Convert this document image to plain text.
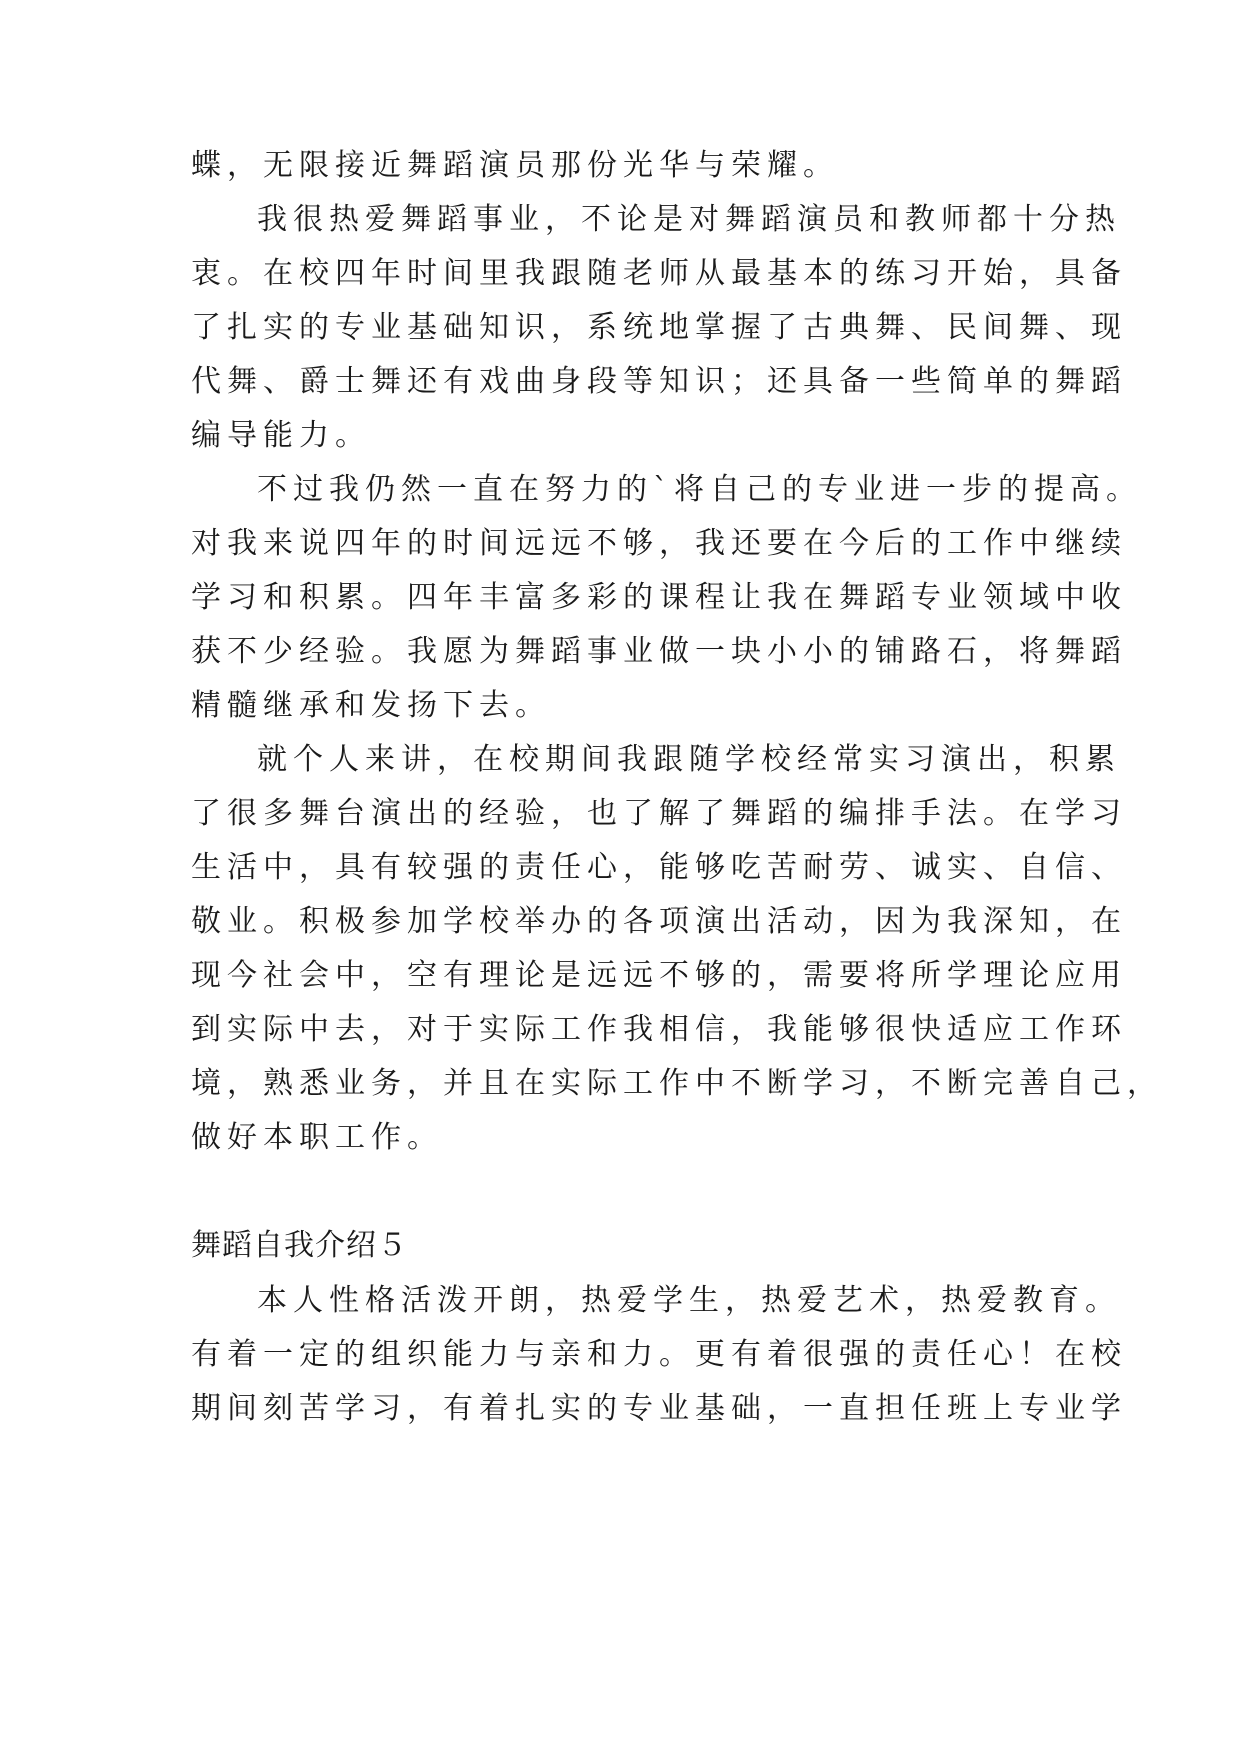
蝶，无限接近舞蹈演员那份光华与荣耀。
我很热爱舞蹈事业，不论是对舞蹈演员和教师都十分热
衷。在校四年时间里我跟随老师从最基本的练习开始，具备
了扎实的专业基础知识，系统地掌握了古典舞、民间舞、现
代舞、爵士舞还有戏曲身段等知识；还具备一些简单的舞蹈
编导能力。
不过我仍然一直在努力的`将自己的专业进一步的提高。
对我来说四年的时间远远不够，我还要在今后的工作中继续
学习和积累。四年丰富多彩的课程让我在舞蹈专业领域中收
获不少经验。我愿为舞蹈事业做一块小小的铺路石，将舞蹈
精髓继承和发扬下去。
就个人来讲，在校期间我跟随学校经常实习演出，积累
了很多舞台演出的经验，也了解了舞蹈的编排手法。在学习
生活中，具有较强的责任心，能够吃苦耐劳、诚实、自信、
敬业。积极参加学校举办的各项演出活动，因为我深知，在
现今社会中，空有理论是远远不够的，需要将所学理论应用
到实际中去，对于实际工作我相信，我能够很快适应工作环
境，熟悉业务，并且在实际工作中不断学习，不断完善自己，
做好本职工作。
舞蹈自我介绍５
本人性格活泼开朗，热爱学生，热爱艺术，热爱教育。
有着一定的组织能力与亲和力。更有着很强的责任心！在校
期间刻苦学习，有着扎实的专业基础，一直担任班上专业学
